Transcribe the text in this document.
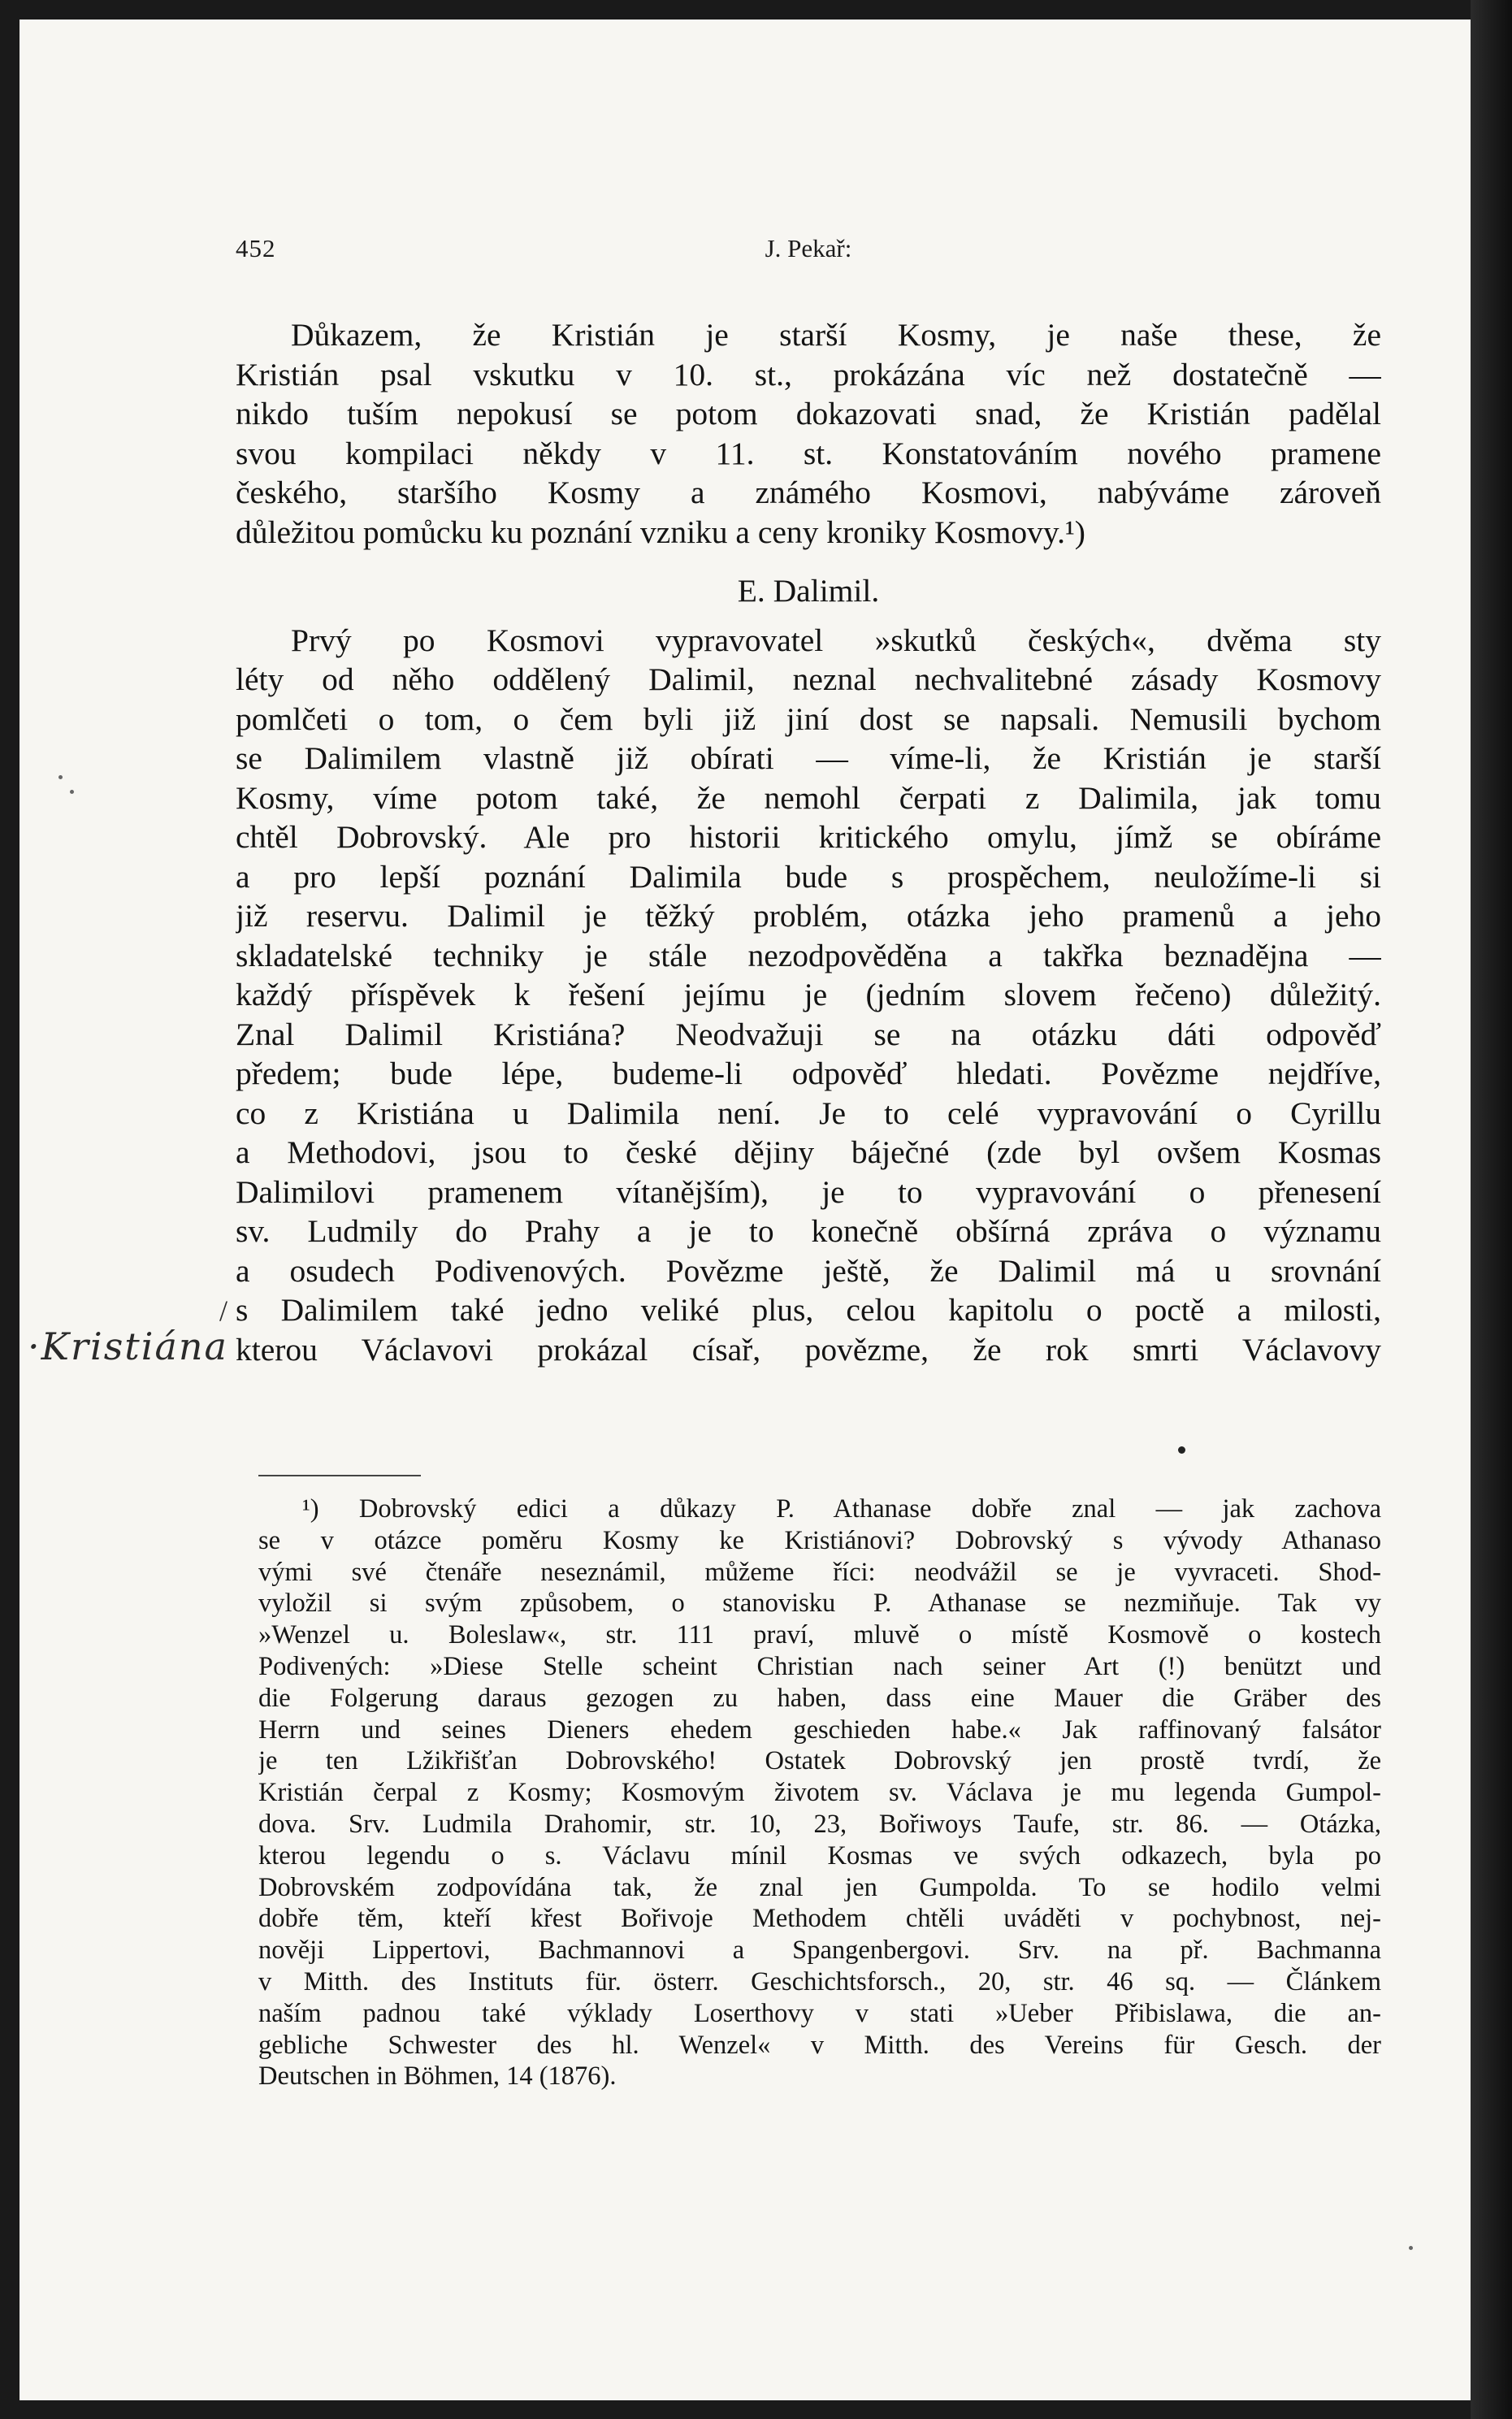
452	J. Pekař:
Důkazem, že Kristián je starší Kosmy, je naše these, že
Kristián psal vskutku v 10. st., prokázána víc než dostatečně —
nikdo tuším nepokusí se potom dokazovati snad, že Kristián padělal
svou kompilaci někdy v 11. st. Konstatováním nového pramene
českého, staršího Kosmy a známého Kosmovi, nabýváme zároveň
důležitou pomůcku ku poznání vzniku a ceny kroniky Kosmovy.¹)
E. Dalimil.
Prvý po Kosmovi vypravovatel »skutků českých«, dvěma sty
léty od něho oddělený Dalimil, neznal nechvalitebné zásady Kosmovy
pomlčeti o tom, o čem byli již jiní dost se napsali. Nemusili bychom
se Dalimilem vlastně již obírati — víme-li, že Kristián je starší
Kosmy, víme potom také, že nemohl čerpati z Dalimila, jak tomu
chtěl Dobrovský. Ale pro historii kritického omylu, jímž se obíráme
a pro lepší poznání Dalimila bude s prospěchem, neuložíme-li si
již reservu. Dalimil je těžký problém, otázka jeho pramenů a jeho
skladatelské techniky je stále nezodpověděna a takřka beznadějna —
každý příspěvek k řešení jejímu je (jedním slovem řečeno) důležitý.
Znal Dalimil Kristiána? Neodvažuji se na otázku dáti odpověď
předem; bude lépe, budeme-li odpověď hledati. Povězme nejdříve,
co z Kristiána u Dalimila není. Je to celé vypravování o Cyrillu
a Methodovi, jsou to české dějiny báječné (zde byl ovšem Kosmas
Dalimilovi pramenem vítanějším), je to vypravování o přenesení
sv. Ludmily do Prahy a je to konečně obšírná zpráva o významu
a osudech Podivenových. Povězme ještě, že Dalimil má u srovnání
s Dalimilem také jedno veliké plus, celou kapitolu o poctě a milosti,
kterou Václavovi prokázal císař, povězme, že rok smrti Václavovy
/
·Kristiána
¹) Dobrovský edici a důkazy P. Athanase dobře znal — jak zachova
se v otázce poměru Kosmy ke Kristiánovi? Dobrovský s vývody Athanaso
vými své čtenáře neseznámil, můžeme říci: neodvážil se je vyvraceti. Shod-
vyložil si svým způsobem, o stanovisku P. Athanase se nezmiňuje. Tak vy
»Wenzel u. Boleslaw«, str. 111 praví, mluvě o místě Kosmově o kostech
Podivených: »Diese Stelle scheint Christian nach seiner Art (!) benützt und
die Folgerung daraus gezogen zu haben, dass eine Mauer die Gräber des
Herrn und seines Dieners ehedem geschieden habe.« Jak raffinovaný falsátor
je ten Lžikřišťan Dobrovského! Ostatek Dobrovský jen prostě tvrdí, že
Kristián čerpal z Kosmy; Kosmovým životem sv. Václava je mu legenda Gumpol-
dova. Srv. Ludmila Drahomir, str. 10, 23, Bořiwoys Taufe, str. 86. — Otázka,
kterou legendu o s. Václavu mínil Kosmas ve svých odkazech, byla po
Dobrovském zodpovídána tak, že znal jen Gumpolda. To se hodilo velmi
dobře těm, kteří křest Bořivoje Methodem chtěli uváděti v pochybnost, nej-
nověji Lippertovi, Bachmannovi a Spangenbergovi. Srv. na př. Bachmanna
v Mitth. des Instituts für. österr. Geschichtsforsch., 20, str. 46 sq. — Článkem
naším padnou také výklady Loserthovy v stati »Ueber Přibislawa, die an-
gebliche Schwester des hl. Wenzel« v Mitth. des Vereins für Gesch. der
Deutschen in Böhmen, 14 (1876).
